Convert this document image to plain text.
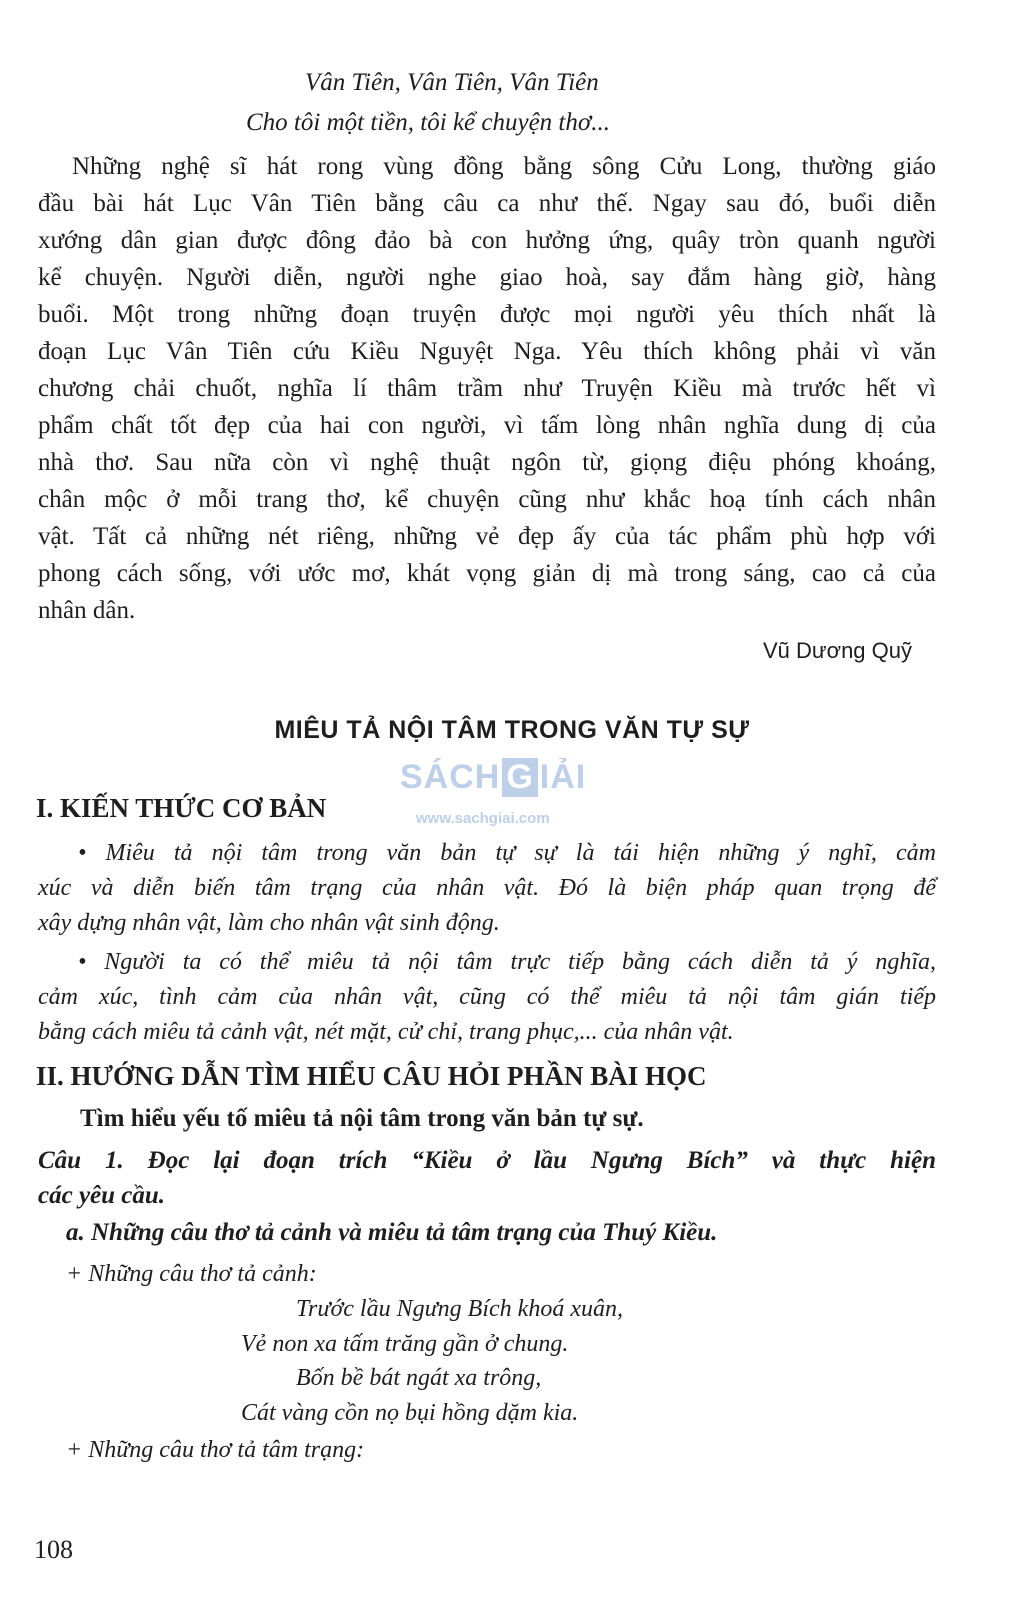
Vân Tiên, Vân Tiên, Vân Tiên
Cho tôi một tiền, tôi kể chuyện thơ...
Những nghệ sĩ hát rong vùng đồng bằng sông Cửu Long, thường giáo
đầu bài hát Lục Vân Tiên bằng câu ca như thế. Ngay sau đó, buổi diễn
xướng dân gian được đông đảo bà con hưởng ứng, quây tròn quanh người
kể chuyện. Người diễn, người nghe giao hoà, say đắm hàng giờ, hàng
buổi. Một trong những đoạn truyện được mọi người yêu thích nhất là
đoạn Lục Vân Tiên cứu Kiều Nguyệt Nga. Yêu thích không phải vì văn
chương chải chuốt, nghĩa lí thâm trầm như Truyện Kiều mà trước hết vì
phẩm chất tốt đẹp của hai con người, vì tấm lòng nhân nghĩa dung dị của
nhà thơ. Sau nữa còn vì nghệ thuật ngôn từ, giọng điệu phóng khoáng,
chân mộc ở mỗi trang thơ, kể chuyện cũng như khắc hoạ tính cách nhân
vật. Tất cả những nét riêng, những vẻ đẹp ấy của tác phẩm phù hợp với
phong cách sống, với ước mơ, khát vọng giản dị mà trong sáng, cao cả của
nhân dân.
Vũ Dương Quỹ
MIÊU TẢ NỘI TÂM TRONG VĂN TỰ SỰ
SÁCH G IẢI
www.sachgiai.com
I. KIẾN THỨC CƠ BẢN
• Miêu tả nội tâm trong văn bản tự sự là tái hiện những ý nghĩ, cảm
xúc và diễn biến tâm trạng của nhân vật. Đó là biện pháp quan trọng để
xây dựng nhân vật, làm cho nhân vật sinh động.
• Người ta có thể miêu tả nội tâm trực tiếp bằng cách diễn tả ý nghĩa,
cảm xúc, tình cảm của nhân vật, cũng có thể miêu tả nội tâm gián tiếp
bằng cách miêu tả cảnh vật, nét mặt, cử chỉ, trang phục,... của nhân vật.
II. HƯỚNG DẪN TÌM HIỂU CÂU HỎI PHẦN BÀI HỌC
Tìm hiểu yếu tố miêu tả nội tâm trong văn bản tự sự.
Câu 1. Đọc lại đoạn trích “Kiều ở lầu Ngưng Bích” và thực hiện
các yêu cầu.
a. Những câu thơ tả cảnh và miêu tả tâm trạng của Thuý Kiều.
+ Những câu thơ tả cảnh:
Trước lầu Ngưng Bích khoá xuân,
Vẻ non xa tấm trăng gần ở chung.
Bốn bề bát ngát xa trông,
Cát vàng cồn nọ bụi hồng dặm kia.
+ Những câu thơ tả tâm trạng:
108
